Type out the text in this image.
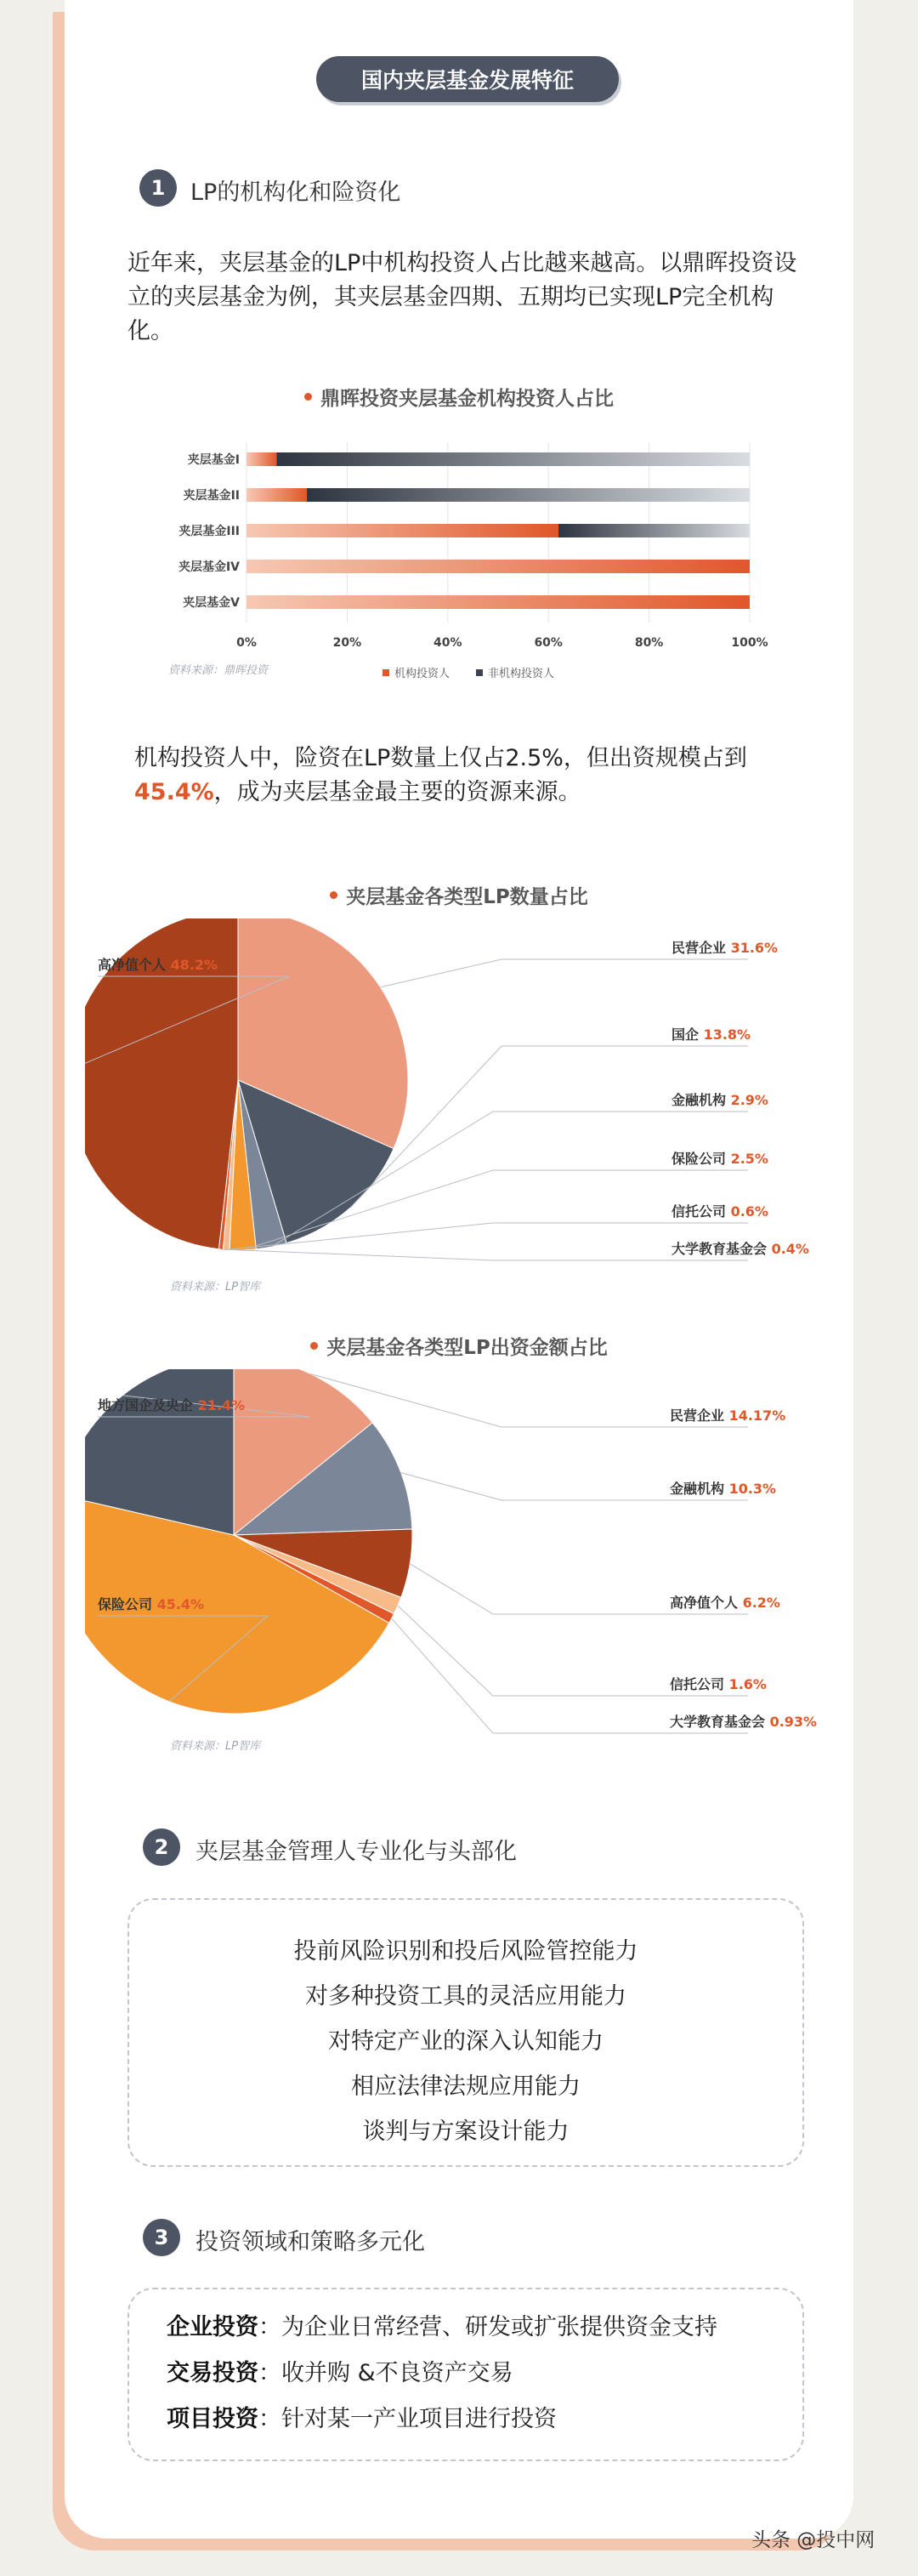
国内夹层基金发展特征
1	LP的机构化和险资化
近年来，夹层基金的LP中机构投资人占比越来越高。以鼎晖投资设立的夹层基金为例，其夹层基金四期、五期均已实现LP完全机构化。
鼎晖投资夹层基金机构投资人占比
夹层基金I
夹层基金II
夹层基金III
夹层基金IV
夹层基金V
0%	20%	40%	60%	80%	100%
机构投资人	非机构投资人
资料来源：鼎晖投资
机构投资人中，险资在LP数量上仅占2.5%，但出资规模占到45.4%，成为夹层基金最主要的资源来源。
夹层基金各类型LP数量占比
民营企业 31.6%
国企 13.8%
金融机构 2.9%
保险公司 2.5%
信托公司 0.6%
大学教育基金会 0.4%
高净值个人 48.2%
资料来源：LP智库
夹层基金各类型LP出资金额占比
民营企业 14.17%
金融机构 10.3%
高净值个人 6.2%
信托公司 1.6%
大学教育基金会 0.93%
保险公司 45.4%
地方国企及央企 21.4%
资料来源：LP智库
2	夹层基金管理人专业化与头部化
投前风险识别和投后风险管控能力
对多种投资工具的灵活应用能力
对特定产业的深入认知能力
相应法律法规应用能力
谈判与方案设计能力
3	投资领域和策略多元化
企业投资：为企业日常经营、研发或扩张提供资金支持
交易投资：收并购 &不良资产交易
项目投资：针对某一产业项目进行投资
头条 @投中网
